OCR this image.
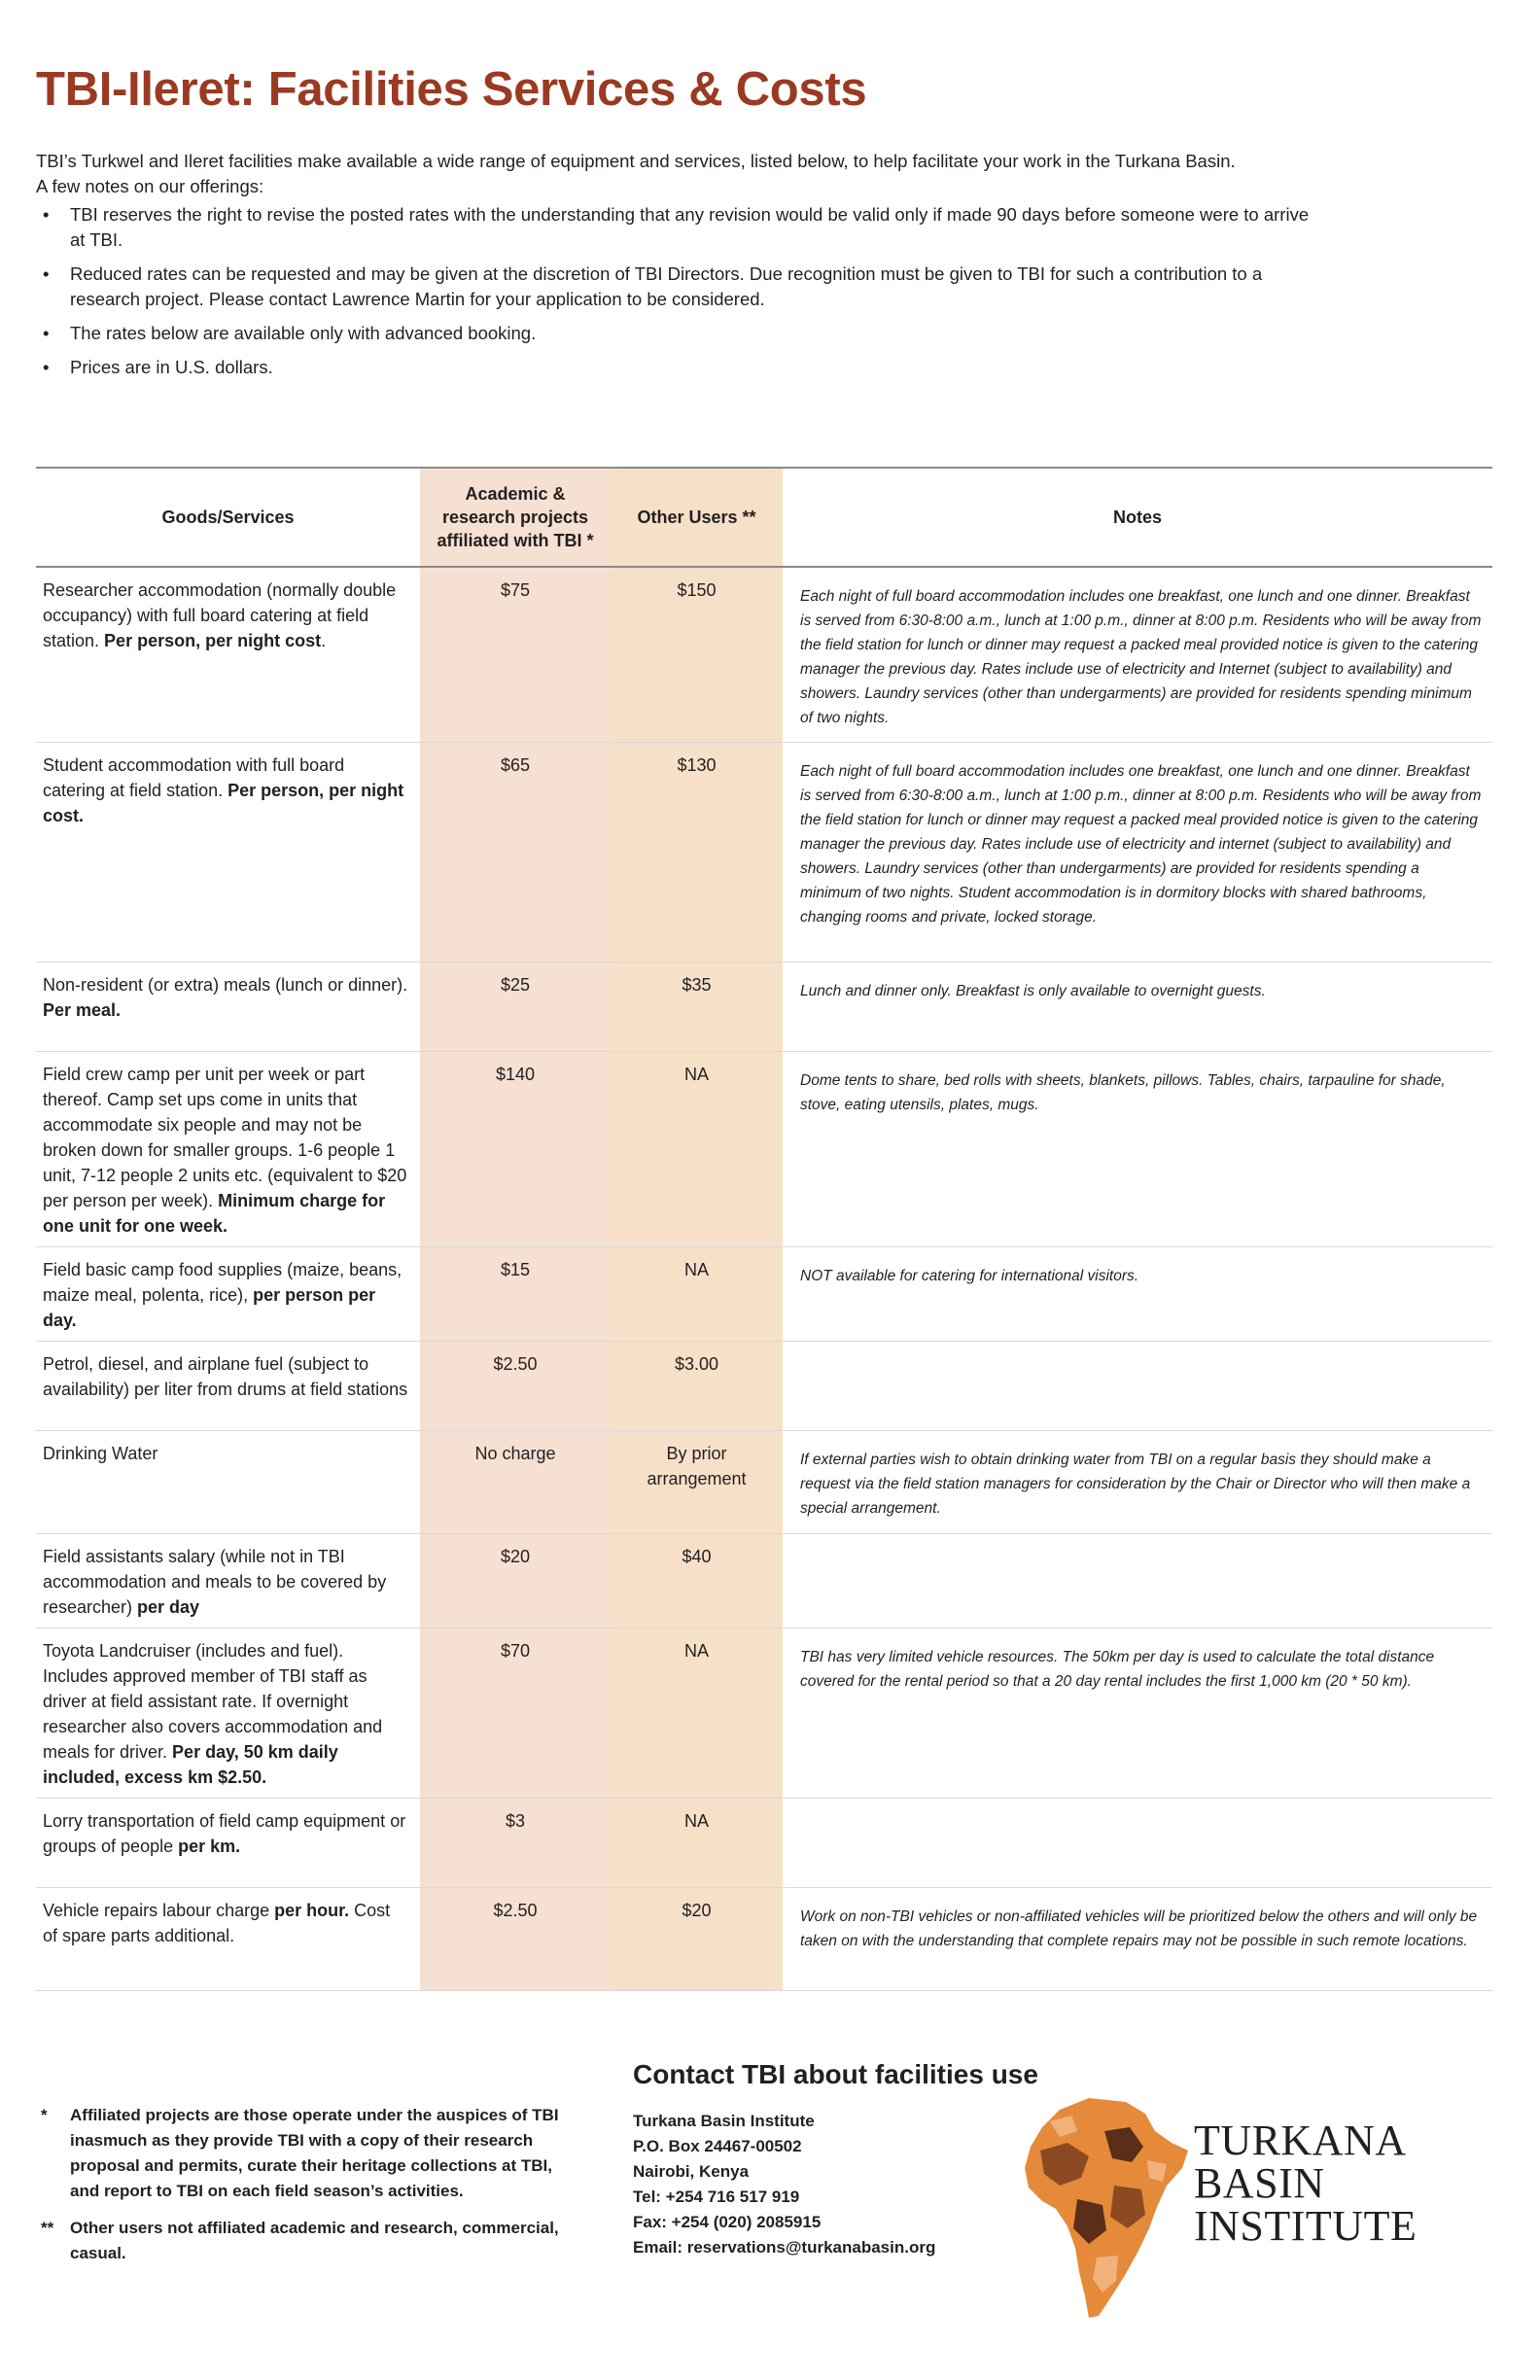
TBI-Ileret: Facilities Services & Costs
TBI’s Turkwel and Ileret facilities make available a wide range of equipment and services, listed below, to help facilitate your work in the Turkana Basin.
A few notes on our offerings:
• TBI reserves the right to revise the posted rates with the understanding that any revision would be valid only if made 90 days before someone were to arrive at TBI.
• Reduced rates can be requested and may be given at the discretion of TBI Directors. Due recognition must be given to TBI for such a contribution to a research project. Please contact Lawrence Martin for your application to be considered.
• The rates below are available only with advanced booking.
• Prices are in U.S. dollars.
Goods/Services	Academic & research projects affiliated with TBI *	Other Users **	Notes
Researcher accommodation (normally double occupancy) with full board catering at field station. Per person, per night cost.	$75	$150	Each night of full board accommodation includes one breakfast, one lunch and one dinner. Breakfast is served from 6:30-8:00 a.m., lunch at 1:00 p.m., dinner at 8:00 p.m. Residents who will be away from the field station for lunch or dinner may request a packed meal provided notice is given to the catering manager the previous day. Rates include use of electricity and Internet (subject to availability) and showers. Laundry services (other than undergarments) are provided for residents spending minimum of two nights.
Student accommodation with full board catering at field station. Per person, per night cost.	$65	$130	Each night of full board accommodation includes one breakfast, one lunch and one dinner. Breakfast is served from 6:30-8:00 a.m., lunch at 1:00 p.m., dinner at 8:00 p.m. Residents who will be away from the field station for lunch or dinner may request a packed meal provided notice is given to the catering manager the previous day. Rates include use of electricity and internet (subject to availability) and showers. Laundry services (other than undergarments) are provided for residents spending a minimum of two nights. Student accommodation is in dormitory blocks with shared bathrooms, changing rooms and private, locked storage.
Non-resident (or extra) meals (lunch or dinner). Per meal.	$25	$35	Lunch and dinner only. Breakfast is only available to overnight guests.
Field crew camp per unit per week or part thereof. Camp set ups come in units that accommodate six people and may not be broken down for smaller groups. 1-6 people 1 unit, 7-12 people 2 units etc. (equivalent to $20 per person per week). Minimum charge for one unit for one week.	$140	NA	Dome tents to share, bed rolls with sheets, blankets, pillows. Tables, chairs, tarpauline for shade, stove, eating utensils, plates, mugs.
Field basic camp food supplies (maize, beans, maize meal, polenta, rice), per person per day.	$15	NA	NOT available for catering for international visitors.
Petrol, diesel, and airplane fuel (subject to availability) per liter from drums at field stations	$2.50	$3.00	
Drinking Water	No charge	By prior arrangement	If external parties wish to obtain drinking water from TBI on a regular basis they should make a request via the field station managers for consideration by the Chair or Director who will then make a special arrangement.
Field assistants salary (while not in TBI accommodation and meals to be covered by researcher) per day	$20	$40	
Toyota Landcruiser (includes and fuel). Includes approved member of TBI staff as driver at field assistant rate. If overnight researcher also covers accommodation and meals for driver. Per day, 50 km daily included, excess km $2.50.	$70	NA	TBI has very limited vehicle resources. The 50km per day is used to calculate the total distance covered for the rental period so that a 20 day rental includes the first 1,000 km (20 * 50 km).
Lorry transportation of field camp equipment or groups of people per km.	$3	NA	
Vehicle repairs labour charge per hour. Cost of spare parts additional.	$2.50	$20	Work on non-TBI vehicles or non-affiliated vehicles will be prioritized below the others and will only be taken on with the understanding that complete repairs may not be possible in such remote locations.
* Affiliated projects are those operate under the auspices of TBI inasmuch as they provide TBI with a copy of their research proposal and permits, curate their heritage collections at TBI, and report to TBI on each field season’s activities.
** Other users not affiliated academic and research, commercial, casual.
Contact TBI about facilities use
Turkana Basin Institute
P.O. Box 24467-00502
Nairobi, Kenya
Tel: +254 716 517 919
Fax: +254 (020) 2085915
Email: reservations@turkanabasin.org
TURKANA
BASIN
INSTITUTE
